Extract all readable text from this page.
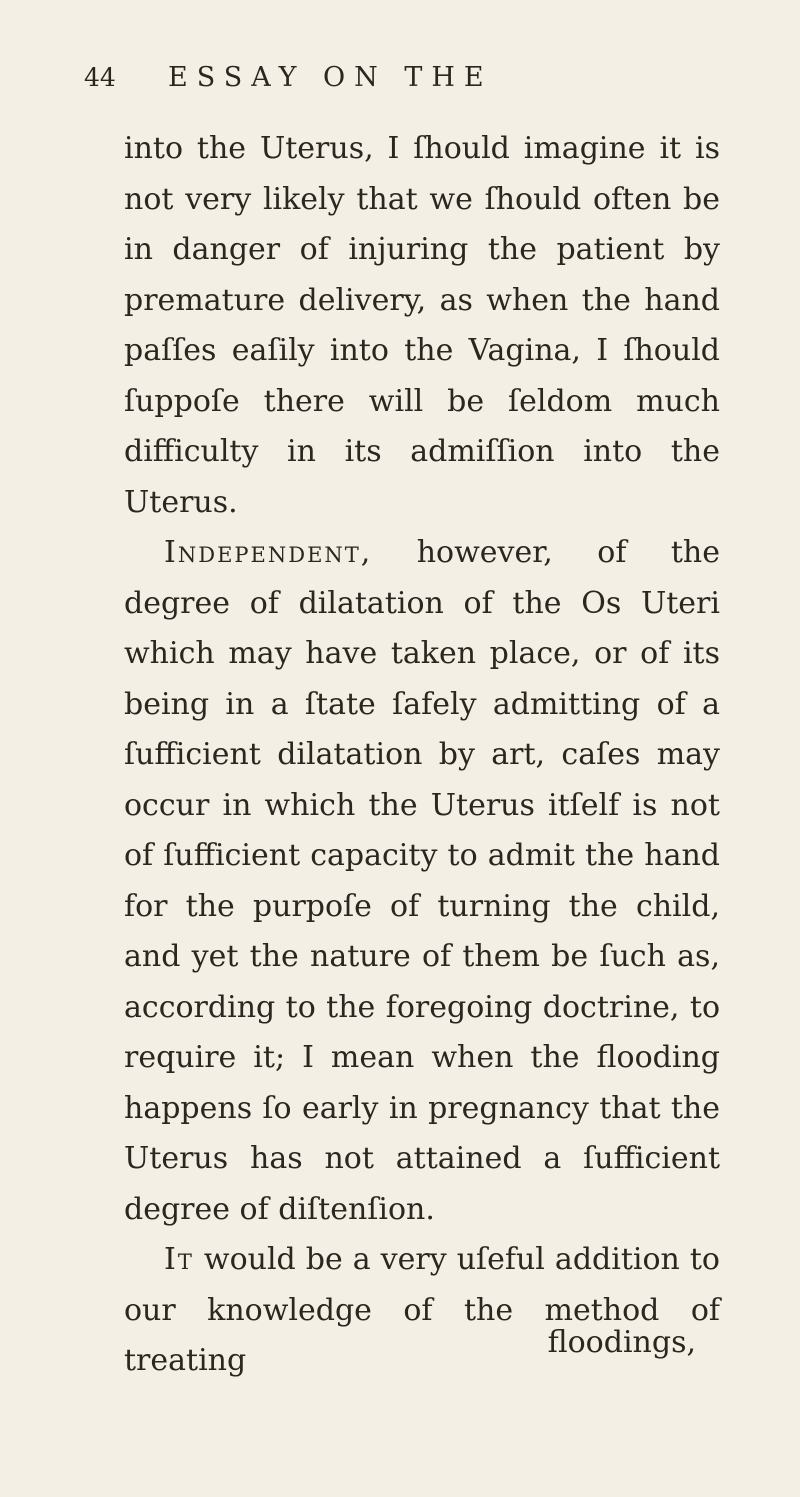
44	ESSAY ON THE

into the Uterus, I ſhould imagine it is not very likely that we ſhould often be in danger of injuring the patient by premature delivery, as when the hand paſſes eaſily into the Vagina, I ſhould ſuppoſe there will be ſeldom much difficulty in its admiſſion into the Uterus.

Independent, however, of the degree of dilatation of the Os Uteri which may have taken place, or of its being in a ſtate ſafely admitting of a ſufficient dilatation by art, caſes may occur in which the Uterus itſelf is not of ſufficient capacity to admit the hand for the purpoſe of turning the child, and yet the nature of them be ſuch as, according to the foregoing doctrine, to require it; I mean when the flooding happens ſo early in pregnancy that the Uterus has not attained a ſufficient degree of diſtenſion.

It would be a very uſeful addition to our knowledge of the method of treating

floodings,
